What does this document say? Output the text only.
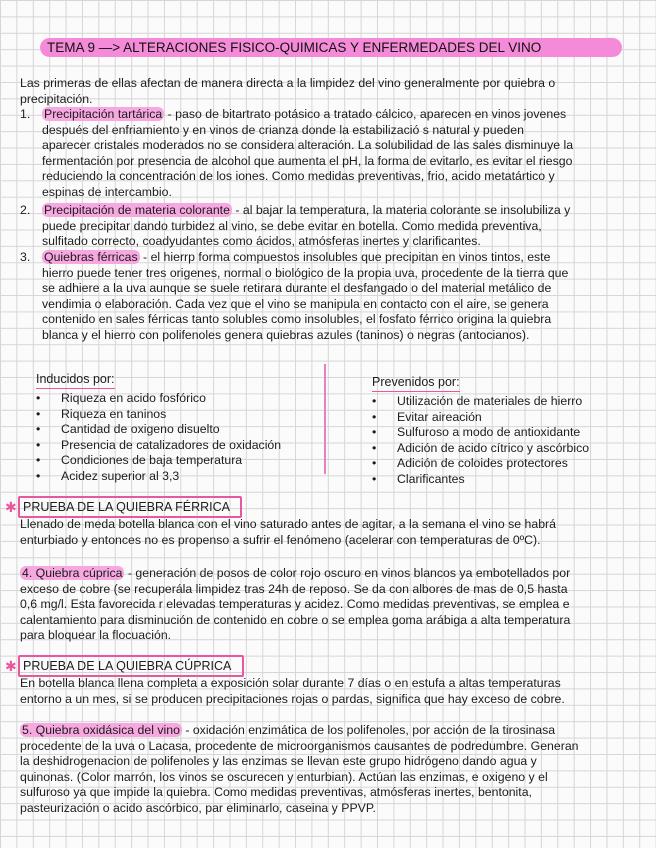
TEMA 9 —> ALTERACIONES FISICO-QUIMICAS Y ENFERMEDADES DEL VINO

Las primeras de ellas afectan de manera directa a la limpidez del vino generalmente por quiebra o

precipitación.

1. Precipitación tartárica - paso de bitartrato potásico a tratado cálcico, aparecen en vinos jovenes

después del enfriamiento y en vinos de crianza donde la estabilizació s natural y pueden

aparecer cristales moderados no se considera alteración. La solubilidad de las sales disminuye la

fermentación por presencia de alcohol que aumenta el pH, la forma de evitarlo, es evitar el riesgo

reduciendo la concentración de los iones. Como medidas preventivas, frio, acido metatártico y

espinas de intercambio.

2. Precipitación de materia colorante - al bajar la temperatura, la materia colorante se insolubiliza y

puede precipitar dando turbidez al vino, se debe evitar en botella. Como medida preventiva,

sulfitado correcto, coadyudantes como ácidos, atmósferas inertes y clarificantes.

3. Quiebras férricas - el hierrp forma compuestos insolubles que precipitan en vinos tintos, este

hierro puede tener tres origenes, normal o biológico de la propia uva, procedente de la tierra que

se adhiere a la uva aunque se suele retirara durante el desfangado o del material metálico de

vendimia o elaboración. Cada vez que el vino se manipula en contacto con el aire, se genera

contenido en sales férricas tanto solubles como insolubles, el fosfato férrico origina la quiebra

blanca y el hierro con polifenoles genera quiebras azules (taninos) o negras (antocianos).

Inducidos por:
• Riqueza en acido fosfórico
• Riqueza en taninos
• Cantidad de oxigeno disuelto
• Presencia de catalizadores de oxidación
• Condiciones de baja temperatura
• Acidez superior al 3,3
Prevenidos por:
• Utilización de materiales de hierro
• Evitar aireación
• Sulfuroso a modo de antioxidante
• Adición de acido cítrico y ascórbico
• Adición de coloides protectores
• Clarificantes
✱ PRUEBA DE LA QUIEBRA FÉRRICA

Llenado de meda botella blanca con el vino saturado antes de agitar, a la semana el vino se habrá

enturbiado y entonces no es propenso a sufrir el fenómeno (acelerar con temperaturas de 0ºC).

4. Quiebra cúprica - generación de posos de color rojo oscuro en vinos blancos ya embotellados por

exceso de cobre (se recuperála limpidez tras 24h de reposo. Se da con albores de mas de 0,5 hasta

0,6 mg/l. Esta favorecida r elevadas temperaturas y acidez. Como medidas preventivas, se emplea e

calentamiento para disminución de contenido en cobre o se emplea goma arábiga a alta temperatura

para bloquear la flocuación.

✱ PRUEBA DE LA QUIEBRA CÚPRICA

En botella blanca llena completa a exposición solar durante 7 días o en estufa a altas temperaturas

entorno a un mes, si se producen precipitaciones rojas o pardas, significa que hay exceso de cobre.

5. Quiebra oxidásica del vino - oxidación enzimática de los polifenoles, por acción de la tirosinasa

procedente de la uva o Lacasa, procedente de microorganismos causantes de podredumbre. Generan

la deshidrogenacion de polifenoles y las enzimas se llevan este grupo hidrógeno dando agua y

quinonas. (Color marrón, los vinos se oscurecen y enturbian). Actúan las enzimas, e oxigeno y el

sulfuroso ya que impide la quiebra. Como medidas preventivas, atmósferas inertes, bentonita,

pasteurización o acido ascórbico, par eliminarlo, caseina y PPVP.
